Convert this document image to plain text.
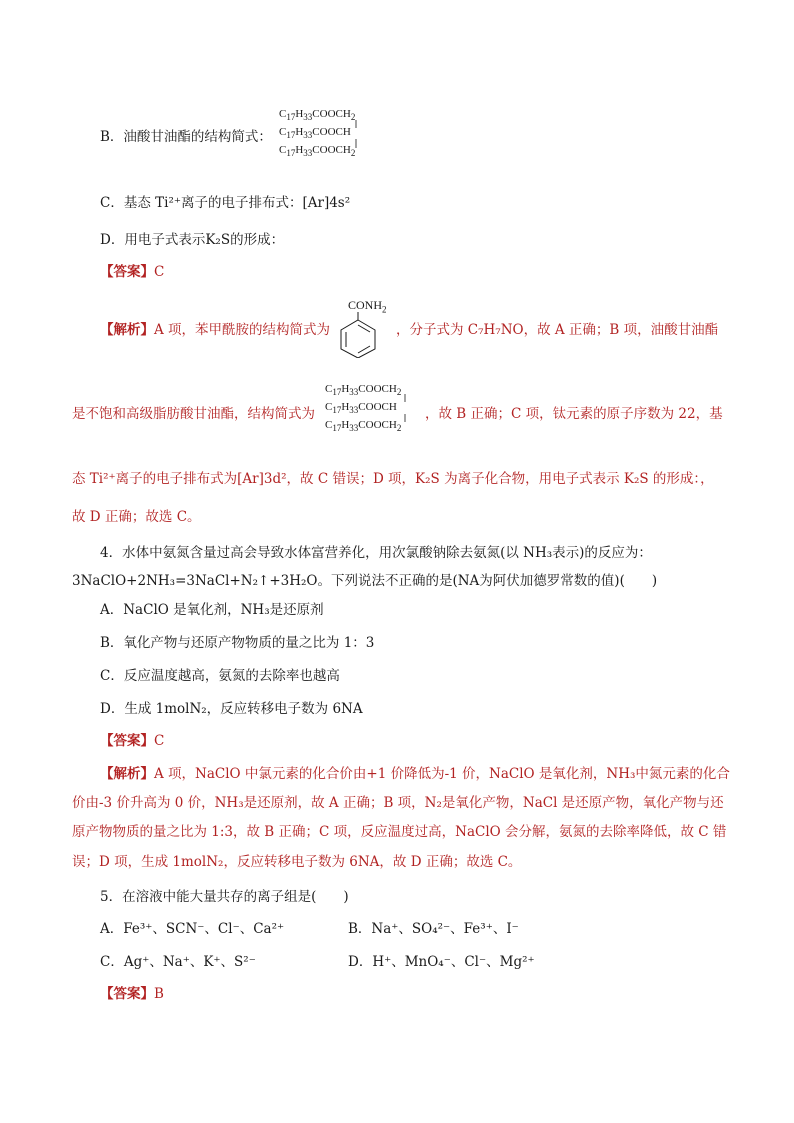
B．油酸甘油酯的结构简式：
$C_{17}H_{33}COOCH_2$
$C_{17}H_{33}COOCH$
$C_{17}H_{33}COOCH_2$
C．基态 Ti²⁺离子的电子排布式：[Ar]4s²
D．用电子式表示K₂S的形成：
【答案】C
【解析】A 项，苯甲酰胺的结构简式为
$CONH_2$
，分子式为 C₇H₇NO，故 A 正确；B 项，油酸甘油酯
是不饱和高级脂肪酸甘油酯，结构简式为
$C_{17}H_{33}COOCH_2$
$C_{17}H_{33}COOCH$
$C_{17}H_{33}COOCH_2$
，故 B 正确；C 项，钛元素的原子序数为 22，基
态 Ti²⁺离子的电子排布式为[Ar]3d²，故 C 错误；D 项，K₂S 为离子化合物，用电子式表示 K₂S 的形成：，
故 D 正确；故选 C。
4．水体中氨氮含量过高会导致水体富营养化，用次氯酸钠除去氨氮(以 NH₃表示)的反应为：
3NaClO+2NH₃=3NaCl+N₂↑+3H₂O。下列说法不正确的是(NA为阿伏加德罗常数的值)(　　)
A．NaClO 是氧化剂，NH₃是还原剂
B．氧化产物与还原产物物质的量之比为 1：3
C．反应温度越高，氨氮的去除率也越高
D．生成 1molN₂，反应转移电子数为 6NA
【答案】C
【解析】A 项，NaClO 中氯元素的化合价由+1 价降低为-1 价，NaClO 是氧化剂，NH₃中氮元素的化合
价由-3 价升高为 0 价，NH₃是还原剂，故 A 正确；B 项，N₂是氧化产物，NaCl 是还原产物，氧化产物与还
原产物物质的量之比为 1:3，故 B 正确；C 项，反应温度过高，NaClO 会分解，氨氮的去除率降低，故 C 错
误；D 项，生成 1molN₂，反应转移电子数为 6NA，故 D 正确；故选 C。
5．在溶液中能大量共存的离子组是(　　)
A．Fe³⁺、SCN⁻、Cl⁻、Ca²⁺	B．Na⁺、SO₄²⁻、Fe³⁺、I⁻
C．Ag⁺、Na⁺、K⁺、S²⁻	D．H⁺、MnO₄⁻、Cl⁻、Mg²⁺
【答案】B
